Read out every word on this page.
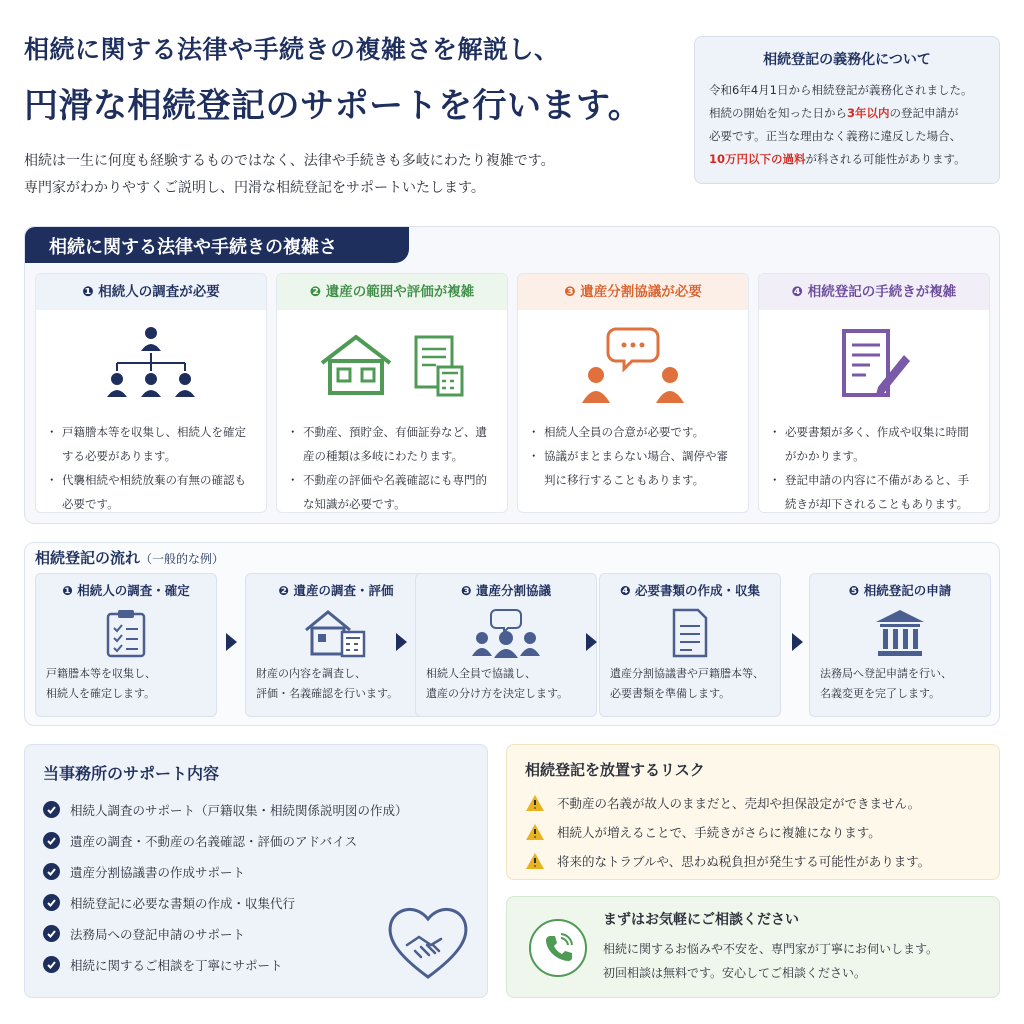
相続に関する法律や手続きの複雑さを解説し、
円滑な相続登記のサポートを行います。
相続は一生に何度も経験するものではなく、法律や手続きも多岐にわたり複雑です。
専門家がわかりやすくご説明し、円滑な相続登記をサポートいたします。
相続登記の義務化について
令和6年4月1日から相続登記が義務化されました。
相続の開始を知った日から3年以内の登記申請が
必要です。正当な理由なく義務に違反した場合、
10万円以下の過料が科される可能性があります。
相続に関する法律や手続きの複雑さ
❶ 相続人の調査が必要
・ 戸籍謄本等を収集し、相続人を確定する必要があります。
・ 代襲相続や相続放棄の有無の確認も必要です。
❷ 遺産の範囲や評価が複雑
・ 不動産、預貯金、有価証券など、遺産の種類は多岐にわたります。
・ 不動産の評価や名義確認にも専門的な知識が必要です。
❸ 遺産分割協議が必要
・ 相続人全員の合意が必要です。
・ 協議がまとまらない場合、調停や審判に移行することもあります。
❹ 相続登記の手続きが複雑
・ 必要書類が多く、作成や収集に時間がかかります。
・ 登記申請の内容に不備があると、手続きが却下されることもあります。
相続登記の流れ（一般的な例）
❶ 相続人の調査・確定
戸籍謄本等を収集し、
相続人を確定します。
❷ 遺産の調査・評価
財産の内容を調査し、
評価・名義確認を行います。
❸ 遺産分割協議
相続人全員で協議し、
遺産の分け方を決定します。
❹ 必要書類の作成・収集
遺産分割協議書や戸籍謄本等、
必要書類を準備します。
❺ 相続登記の申請
法務局へ登記申請を行い、
名義変更を完了します。
当事務所のサポート内容
相続人調査のサポート（戸籍収集・相続関係説明図の作成）
遺産の調査・不動産の名義確認・評価のアドバイス
遺産分割協議書の作成サポート
相続登記に必要な書類の作成・収集代行
法務局への登記申請のサポート
相続に関するご相談を丁寧にサポート
相続登記を放置するリスク
不動産の名義が故人のままだと、売却や担保設定ができません。
相続人が増えることで、手続きがさらに複雑になります。
将来的なトラブルや、思わぬ税負担が発生する可能性があります。
まずはお気軽にご相談ください
相続に関するお悩みや不安を、専門家が丁寧にお伺いします。
初回相談は無料です。安心してご相談ください。
